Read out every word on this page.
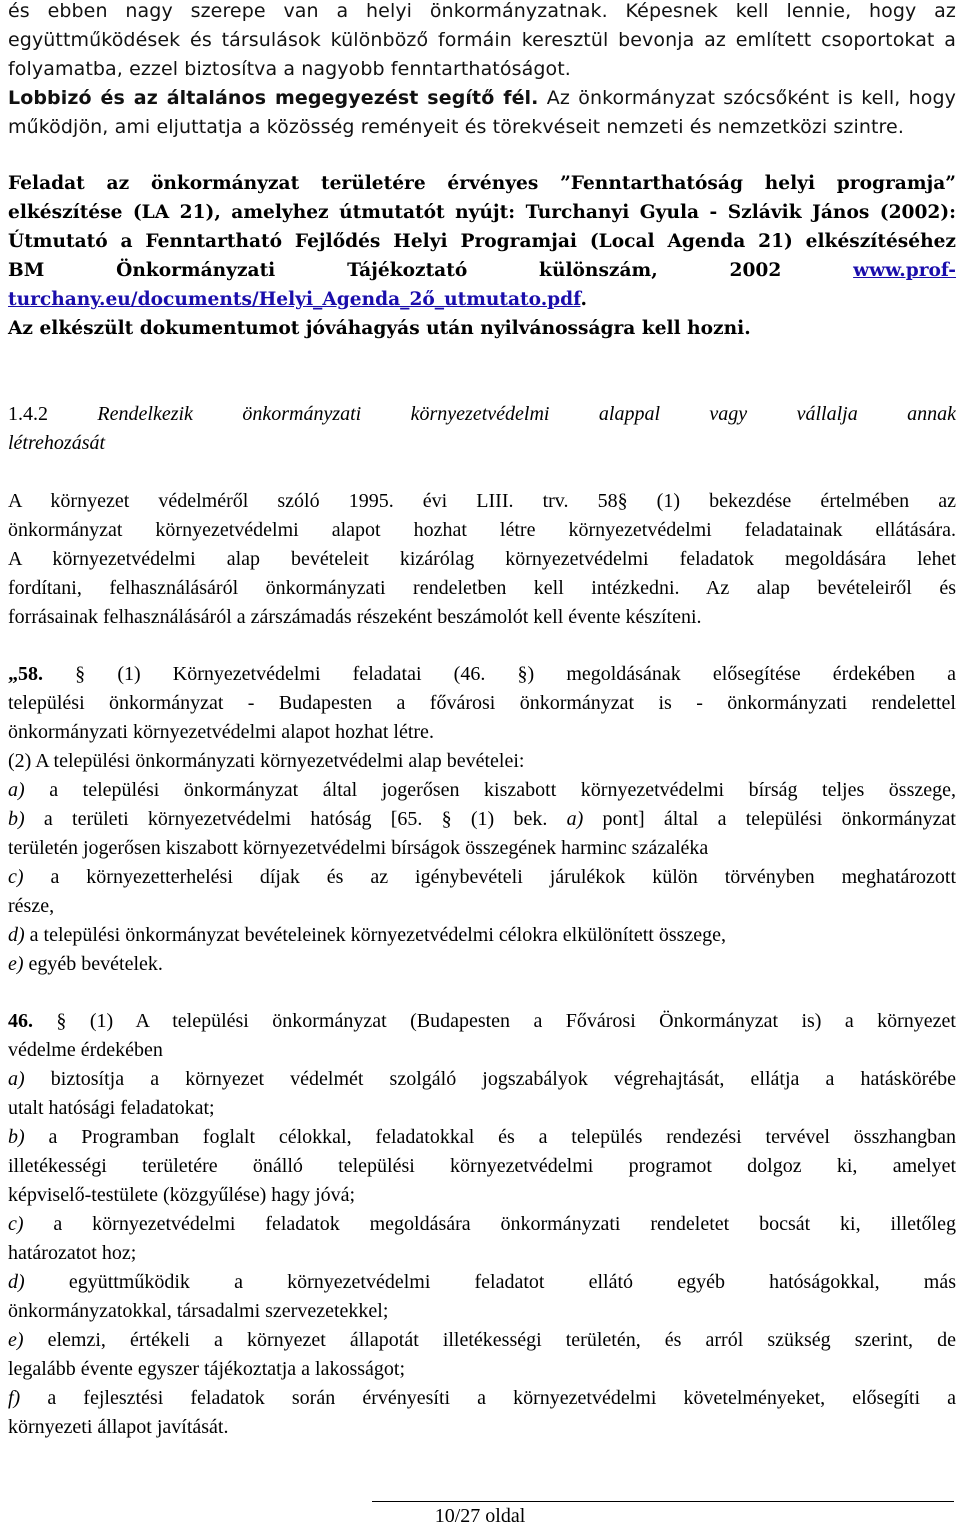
és ebben nagy szerepe van a helyi önkormányzatnak. Képesnek kell lennie, hogy az
együttműködések és társulások különböző formáin keresztül bevonja az említett csoportokat a
folyamatba, ezzel biztosítva a nagyobb fenntarthatóságot.
Lobbizó és az általános megegyezést segítő fél. Az önkormányzat szócsőként is kell, hogy
működjön, ami eljuttatja a közösség reményeit és törekvéseit nemzeti és nemzetközi szintre.
Feladat az önkormányzat területére érvényes ”Fenntarthatóság helyi programja”
elkészítése (LA 21), amelyhez útmutatót nyújt: Turchanyi Gyula - Szlávik János (2002):
Útmutató a Fenntartható Fejlődés Helyi Programjai (Local Agenda 21) elkészítéséhez
BM Önkormányzati Tájékoztató különszám, 2002	www.prof-
turchany.eu/documents/Helyi_Agenda_2ő_utmutato.pdf.
Az elkészült dokumentumot jóváhagyás után nyilvánosságra kell hozni.
1.4.2 Rendelkezik önkormányzati környezetvédelmi alappal vagy vállalja annak
létrehozását
A környezet védelméről szóló 1995. évi LIII. trv. 58§ (1) bekezdése értelmében az
önkormányzat környezetvédelmi alapot hozhat létre környezetvédelmi feladatainak ellátására.
A környezetvédelmi alap bevételeit kizárólag környezetvédelmi feladatok megoldására lehet
fordítani, felhasználásáról önkormányzati rendeletben kell intézkedni. Az alap bevételeiről és
forrásainak felhasználásáról a zárszámadás részeként beszámolót kell évente készíteni.
„58. § (1) Környezetvédelmi feladatai (46. §) megoldásának elősegítése érdekében a
települési önkormányzat - Budapesten a fővárosi önkormányzat is - önkormányzati rendelettel
önkormányzati környezetvédelmi alapot hozhat létre.
(2) A települési önkormányzati környezetvédelmi alap bevételei:
a) a települési önkormányzat által jogerősen kiszabott környezetvédelmi bírság teljes összege,
b) a területi környezetvédelmi hatóság [65. § (1) bek. a) pont] által a települési önkormányzat
területén jogerősen kiszabott környezetvédelmi bírságok összegének harminc százaléka
c) a környezetterhelési díjak és az igénybevételi járulékok külön törvényben meghatározott
része,
d) a települési önkormányzat bevételeinek környezetvédelmi célokra elkülönített összege,
e) egyéb bevételek.
46. § (1) A települési önkormányzat (Budapesten a Fővárosi Önkormányzat is) a környezet
védelme érdekében
a) biztosítja a környezet védelmét szolgáló jogszabályok végrehajtását, ellátja a hatáskörébe
utalt hatósági feladatokat;
b) a Programban foglalt célokkal, feladatokkal és a település rendezési tervével összhangban
illetékességi területére önálló települési környezetvédelmi programot dolgoz ki, amelyet
képviselő-testülete (közgyűlése) hagy jóvá;
c) a környezetvédelmi feladatok megoldására önkormányzati rendeletet bocsát ki, illetőleg
határozatot hoz;
d) együttműködik a környezetvédelmi feladatot ellátó egyéb hatóságokkal, más
önkormányzatokkal, társadalmi szervezetekkel;
e) elemzi, értékeli a környezet állapotát illetékességi területén, és arról szükség szerint, de
legalább évente egyszer tájékoztatja a lakosságot;
f) a fejlesztési feladatok során érvényesíti a környezetvédelmi követelményeket, elősegíti a
környezeti állapot javítását.
10/27 oldal
